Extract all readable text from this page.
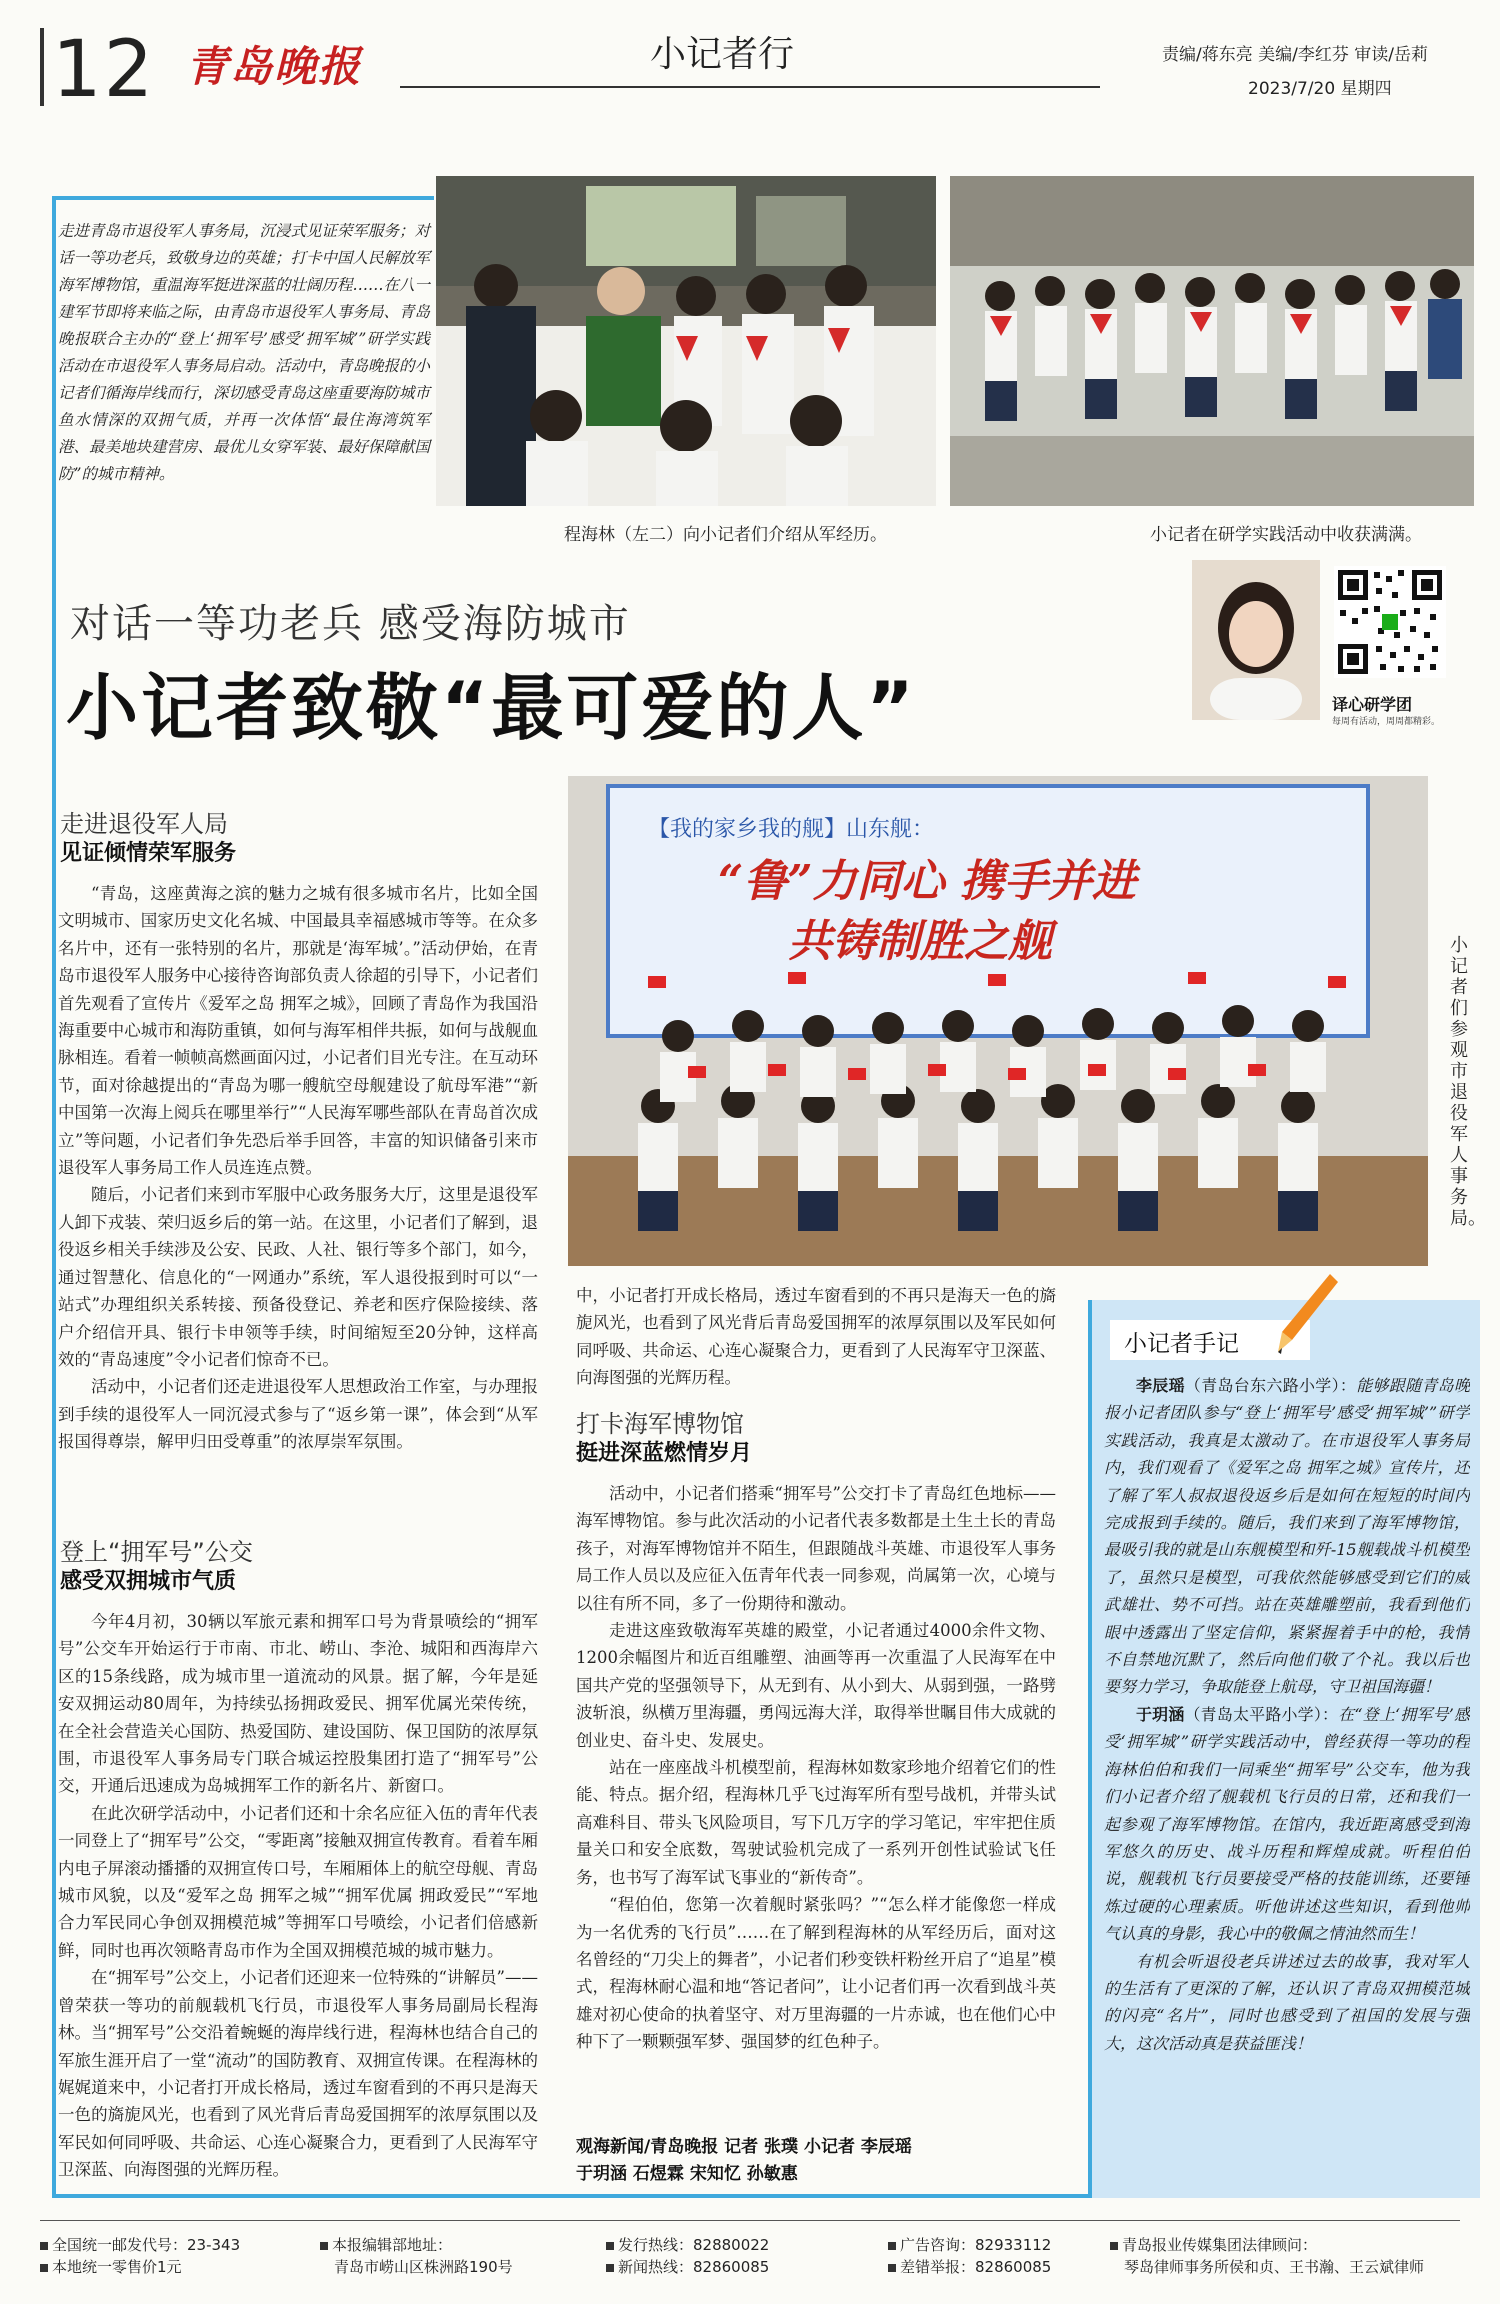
12 青岛晚报	小记者行	责编/蒋东亮 美编/李红芬 审读/岳莉
2023/7/20 星期四
走进青岛市退役军人事务局，沉浸式见证荣军服务；对话一等功老兵，致敬身边的英雄；打卡中国人民解放军海军博物馆，重温海军挺进深蓝的壮阔历程……在八一建军节即将来临之际，由青岛市退役军人事务局、青岛晚报联合主办的“登上‘拥军号’感受‘拥军城’”研学实践活动在市退役军人事务局启动。活动中，青岛晚报的小记者们循海岸线而行，深切感受青岛这座重要海防城市鱼水情深的双拥气质，并再一次体悟“最住海湾筑军港、最美地块建营房、最优儿女穿军装、最好保障献国防”的城市精神。
程海林（左二）向小记者们介绍从军经历。	小记者在研学实践活动中收获满满。
译心研学团
每周有活动，周周都精彩。
对话一等功老兵 感受海防城市
小记者致敬“最可爱的人”
走进退役军人局
见证倾情荣军服务

“青岛，这座黄海之滨的魅力之城有很多城市名片，比如全国文明城市、国家历史文化名城、中国最具幸福感城市等等。在众多名片中，还有一张特别的名片，那就是‘海军城’。”活动伊始，在青岛市退役军人服务中心接待咨询部负责人徐超的引导下，小记者们首先观看了宣传片《爱军之岛 拥军之城》，回顾了青岛作为我国沿海重要中心城市和海防重镇，如何与海军相伴共振，如何与战舰血脉相连。看着一帧帧高燃画面闪过，小记者们目光专注。在互动环节，面对徐越提出的“青岛为哪一艘航空母舰建设了航母军港”“新中国第一次海上阅兵在哪里举行”“人民海军哪些部队在青岛首次成立”等问题，小记者们争先恐后举手回答，丰富的知识储备引来市退役军人事务局工作人员连连点赞。

随后，小记者们来到市军服中心政务服务大厅，这里是退役军人卸下戎装、荣归返乡后的第一站。在这里，小记者们了解到，退役返乡相关手续涉及公安、民政、人社、银行等多个部门，如今，通过智慧化、信息化的“一网通办”系统，军人退役报到时可以“一站式”办理组织关系转接、预备役登记、养老和医疗保险接续、落户介绍信开具、银行卡申领等手续，时间缩短至20分钟，这样高效的“青岛速度”令小记者们惊奇不已。

活动中，小记者们还走进退役军人思想政治工作室，与办理报到手续的退役军人一同沉浸式参与了“返乡第一课”，体会到“从军报国得尊崇，解甲归田受尊重”的浓厚崇军氛围。

【我的家乡我的舰】山东舰：
“鲁”力同心 携手并进
共铸制胜之舰	小记者们参观市退役军人事务局。
登上“拥军号”公交
感受双拥城市气质

今年4月初，30辆以军旅元素和拥军口号为背景喷绘的“拥军号”公交车开始运行于市南、市北、崂山、李沧、城阳和西海岸六区的15条线路，成为城市里一道流动的风景。据了解，今年是延安双拥运动80周年，为持续弘扬拥政爱民、拥军优属光荣传统，在全社会营造关心国防、热爱国防、建设国防、保卫国防的浓厚氛围，市退役军人事务局专门联合城运控股集团打造了“拥军号”公交，开通后迅速成为岛城拥军工作的新名片、新窗口。

在此次研学活动中，小记者们还和十余名应征入伍的青年代表一同登上了“拥军号”公交，“零距离”接触双拥宣传教育。看着车厢内电子屏滚动播播的双拥宣传口号，车厢厢体上的航空母舰、青岛城市风貌，以及“爱军之岛 拥军之城”“拥军优属 拥政爱民”“军地合力军民同心争创双拥模范城”等拥军口号喷绘，小记者们倍感新鲜，同时也再次领略青岛市作为全国双拥模范城的城市魅力。

在“拥军号”公交上，小记者们还迎来一位特殊的“讲解员”——曾荣获一等功的前舰载机飞行员，市退役军人事务局副局长程海林。当“拥军号”公交沿着蜿蜒的海岸线行进，程海林也结合自己的军旅生涯开启了一堂“流动”的国防教育、双拥宣传课。在程海林的娓娓道来中，小记者打开成长格局，透过车窗看到的不再只是海天一色的旖旎风光，也看到了风光背后青岛爱国拥军的浓厚氛围以及军民如何同呼吸、共命运、心连心凝聚合力，更看到了人民海军守卫深蓝、向海图强的光辉历程。

中，小记者打开成长格局，透过车窗看到的不再只是海天一色的旖旎风光，也看到了风光背后青岛爱国拥军的浓厚氛围以及军民如何同呼吸、共命运、心连心凝聚合力，更看到了人民海军守卫深蓝、向海图强的光辉历程。

打卡海军博物馆
挺进深蓝燃情岁月

活动中，小记者们搭乘“拥军号”公交打卡了青岛红色地标——海军博物馆。参与此次活动的小记者代表多数都是土生土长的青岛孩子，对海军博物馆并不陌生，但跟随战斗英雄、市退役军人事务局工作人员以及应征入伍青年代表一同参观，尚属第一次，心境与以往有所不同，多了一份期待和激动。

走进这座致敬海军英雄的殿堂，小记者通过4000余件文物、1200余幅图片和近百组雕塑、油画等再一次重温了人民海军在中国共产党的坚强领导下，从无到有、从小到大、从弱到强，一路劈波斩浪，纵横万里海疆，勇闯远海大洋，取得举世瞩目伟大成就的创业史、奋斗史、发展史。

站在一座座战斗机模型前，程海林如数家珍地介绍着它们的性能、特点。据介绍，程海林几乎飞过海军所有型号战机，并带头试高难科目、带头飞风险项目，写下几万字的学习笔记，牢牢把住质量关口和安全底数，驾驶试验机完成了一系列开创性试验试飞任务，也书写了海军试飞事业的“新传奇”。

“程伯伯，您第一次着舰时紧张吗？”“怎么样才能像您一样成为一名优秀的飞行员”……在了解到程海林的从军经历后，面对这名曾经的“刀尖上的舞者”，小记者们秒变铁杆粉丝开启了“追星”模式，程海林耐心温和地“答记者问”，让小记者们再一次看到战斗英雄对初心使命的执着坚守、对万里海疆的一片赤诚，也在他们心中种下了一颗颗强军梦、强国梦的红色种子。

观海新闻/青岛晚报 记者 张璞 小记者 李辰瑶
于玥涵 石煜霖 宋知忆 孙敏惠
小记者手记

李辰瑶（青岛台东六路小学）：能够跟随青岛晚报小记者团队参与“登上‘拥军号’感受‘拥军城’”研学实践活动，我真是太激动了。在市退役军人事务局内，我们观看了《爱军之岛 拥军之城》宣传片，还了解了军人叔叔退役返乡后是如何在短短的时间内完成报到手续的。随后，我们来到了海军博物馆，最吸引我的就是山东舰模型和歼-15舰载战斗机模型了，虽然只是模型，可我依然能够感受到它们的威武雄壮、势不可挡。站在英雄雕塑前，我看到他们眼中透露出了坚定信仰，紧紧握着手中的枪，我情不自禁地沉默了，然后向他们敬了个礼。我以后也要努力学习，争取能登上航母，守卫祖国海疆！

于玥涵（青岛太平路小学）：在“登上‘拥军号’感受‘拥军城’”研学实践活动中，曾经获得一等功的程海林伯伯和我们一同乘坐“拥军号”公交车，他为我们小记者介绍了舰载机飞行员的日常，还和我们一起参观了海军博物馆。在馆内，我近距离感受到海军悠久的历史、战斗历程和辉煌成就。听程伯伯说，舰载机飞行员要接受严格的技能训练，还要锤炼过硬的心理素质。听他讲述这些知识，看到他帅气认真的身影，我心中的敬佩之情油然而生！

有机会听退役老兵讲述过去的故事，我对军人的生活有了更深的了解，还认识了青岛双拥模范城的闪亮“名片”，同时也感受到了祖国的发展与强大，这次活动真是获益匪浅！

全国统一邮发代号：23-343
本地统一零售价1元
本报编辑部地址：
青岛市崂山区株洲路190号
发行热线：82880022
新闻热线：82860085
广告咨询：82933112
差错举报：82860085
青岛报业传媒集团法律顾问：
琴岛律师事务所侯和贞、王书瀚、王云斌律师
